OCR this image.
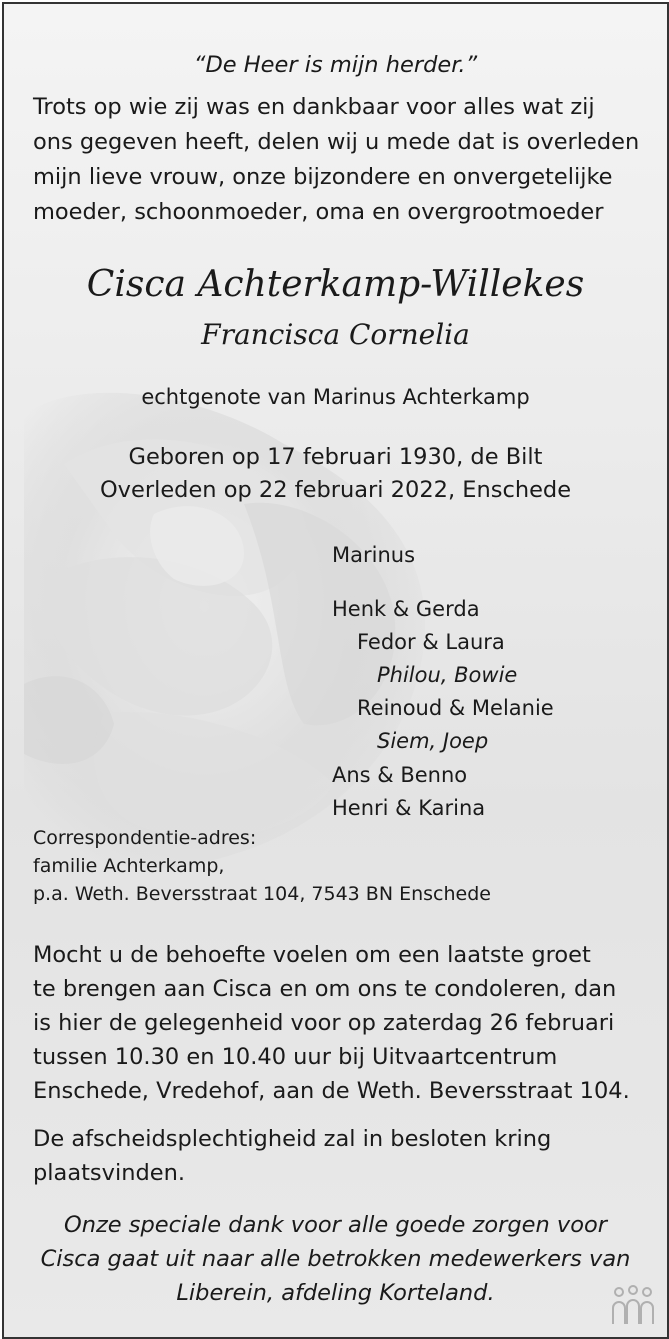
“De Heer is mijn herder.”
Trots op wie zij was en dankbaar voor alles wat zij
ons gegeven heeft, delen wij u mede dat is overleden
mijn lieve vrouw, onze bijzondere en onvergetelijke
moeder, schoonmoeder, oma en overgrootmoeder
Cisca Achterkamp-Willekes
Francisca Cornelia
echtgenote van Marinus Achterkamp
Geboren op 17 februari 1930, de Bilt
Overleden op 22 februari 2022, Enschede
Marinus
Henk & Gerda
Fedor & Laura
Philou, Bowie
Reinoud & Melanie
Siem, Joep
Ans & Benno
Henri & Karina
Correspondentie-adres:
familie Achterkamp,
p.a. Weth. Beversstraat 104, 7543 BN Enschede
Mocht u de behoefte voelen om een laatste groet
te brengen aan Cisca en om ons te condoleren, dan
is hier de gelegenheid voor op zaterdag 26 februari
tussen 10.30 en 10.40 uur bij Uitvaartcentrum
Enschede, Vredehof, aan de Weth. Beversstraat 104.
De afscheidsplechtigheid zal in besloten kring
plaatsvinden.
Onze speciale dank voor alle goede zorgen voor
Cisca gaat uit naar alle betrokken medewerkers van
Liberein, afdeling Korteland.
